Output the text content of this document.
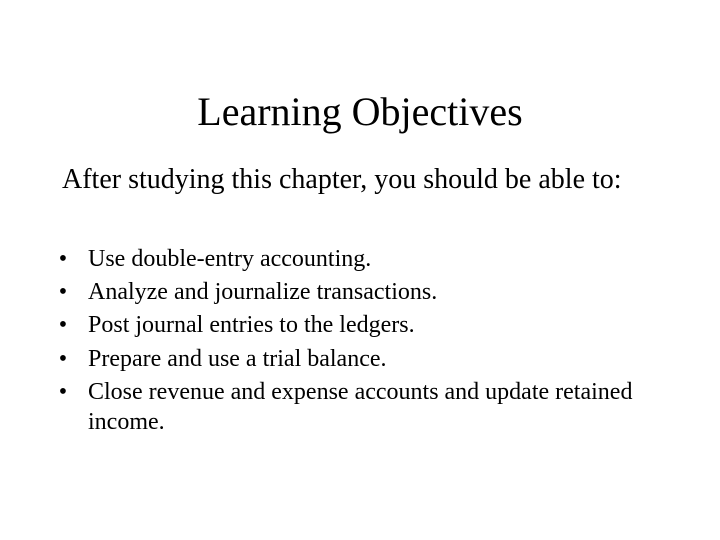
Learning Objectives

After studying this chapter, you should be able to:

• Use double-entry accounting.
• Analyze and journalize transactions.
• Post journal entries to the ledgers.
• Prepare and use a trial balance.
• Close revenue and expense accounts and update retained income.
